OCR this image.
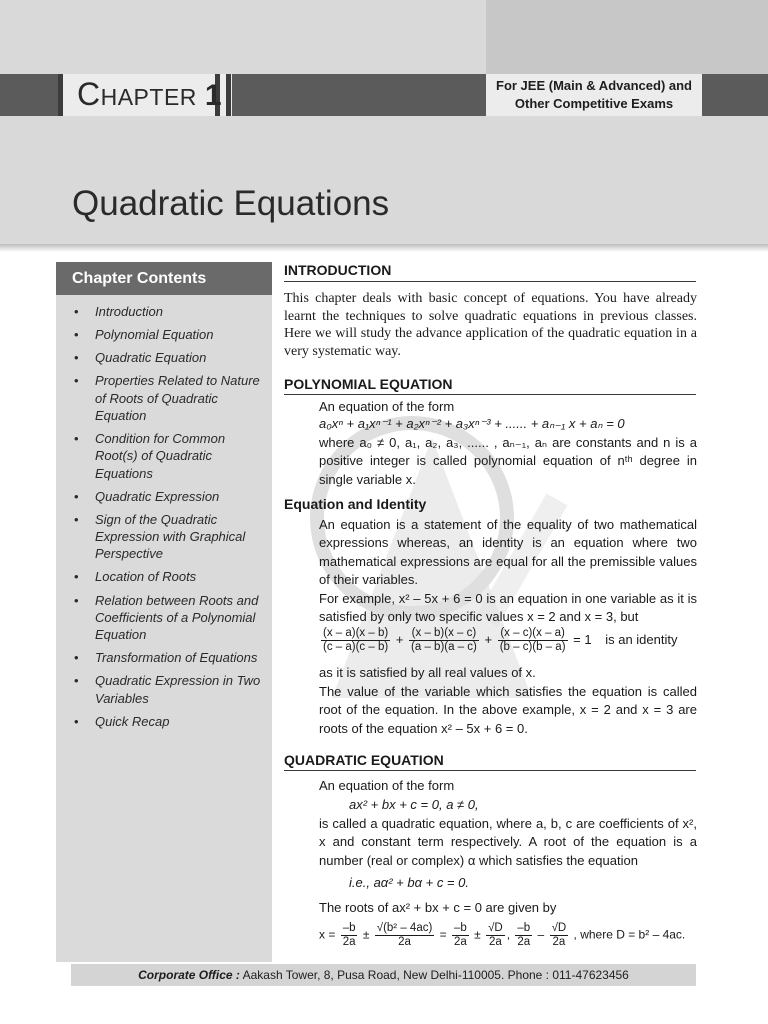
CHAPTER 1	For JEE (Main & Advanced) and
Other Competitive Exams
Quadratic Equations
Chapter Contents
• Introduction
• Polynomial Equation
• Quadratic Equation
• Properties Related to Nature of Roots of Quadratic Equation
• Condition for Common Root(s) of Quadratic Equations
• Quadratic Expression
• Sign of the Quadratic Expression with Graphical Perspective
• Location of Roots
• Relation between Roots and Coefficients of a Polynomial Equation
• Transformation of Equations
• Quadratic Expression in Two Variables
• Quick Recap
INTRODUCTION
This chapter deals with basic concept of equations. You have already learnt the techniques to solve quadratic equations in previous classes. Here we will study the advance application of the quadratic equation in a very systematic way.
POLYNOMIAL EQUATION
An equation of the form
a₀xⁿ + a₁xⁿ⁻¹ + a₂xⁿ⁻² + a₃xⁿ⁻³ + ...... + aₙ₋₁ x + aₙ = 0
where a₀ ≠ 0, a₁, a₂, a₃, ...... , aₙ₋₁, aₙ are constants and n is a positive integer is called polynomial equation of nᵗʰ degree in single variable x.
Equation and Identity
An equation is a statement of the equality of two mathematical expressions whereas, an identity is an equation where two mathematical expressions are equal for all the premissible values of their variables.
For example, x² – 5x + 6 = 0 is an equation in one variable as it is satisfied by only two specific values x = 2 and x = 3, but
$\frac{(x - a)(x - b)}{(c - a)(c - b)} + \frac{(x - b)(x - c)}{(a - b)(a - c)} + \frac{(x - c)(x - a)}{(b - c)(b - a)} = 1$ is an identity
as it is satisfied by all real values of x.
The value of the variable which satisfies the equation is called root of the equation. In the above example, x = 2 and x = 3 are roots of the equation x² – 5x + 6 = 0.
QUADRATIC EQUATION
An equation of the form
ax² + bx + c = 0, a ≠ 0,
is called a quadratic equation, where a, b, c are coefficients of x², x and constant term respectively. A root of the equation is a number (real or complex) α which satisfies the equation
i.e., aα² + bα + c = 0.
The roots of ax² + bx + c = 0 are given by
$x = \frac{-b}{2a} \pm \frac{\text{√(b² – 4ac)}}{2a} = \frac{-b}{2a} \pm \frac{√D}{2a}$ , $\frac{-b}{2a} - \frac{√D}{2a}$ , where D = b² – 4ac.
Corporate Office : Aakash Tower, 8, Pusa Road, New Delhi-110005. Phone : 011-47623456
